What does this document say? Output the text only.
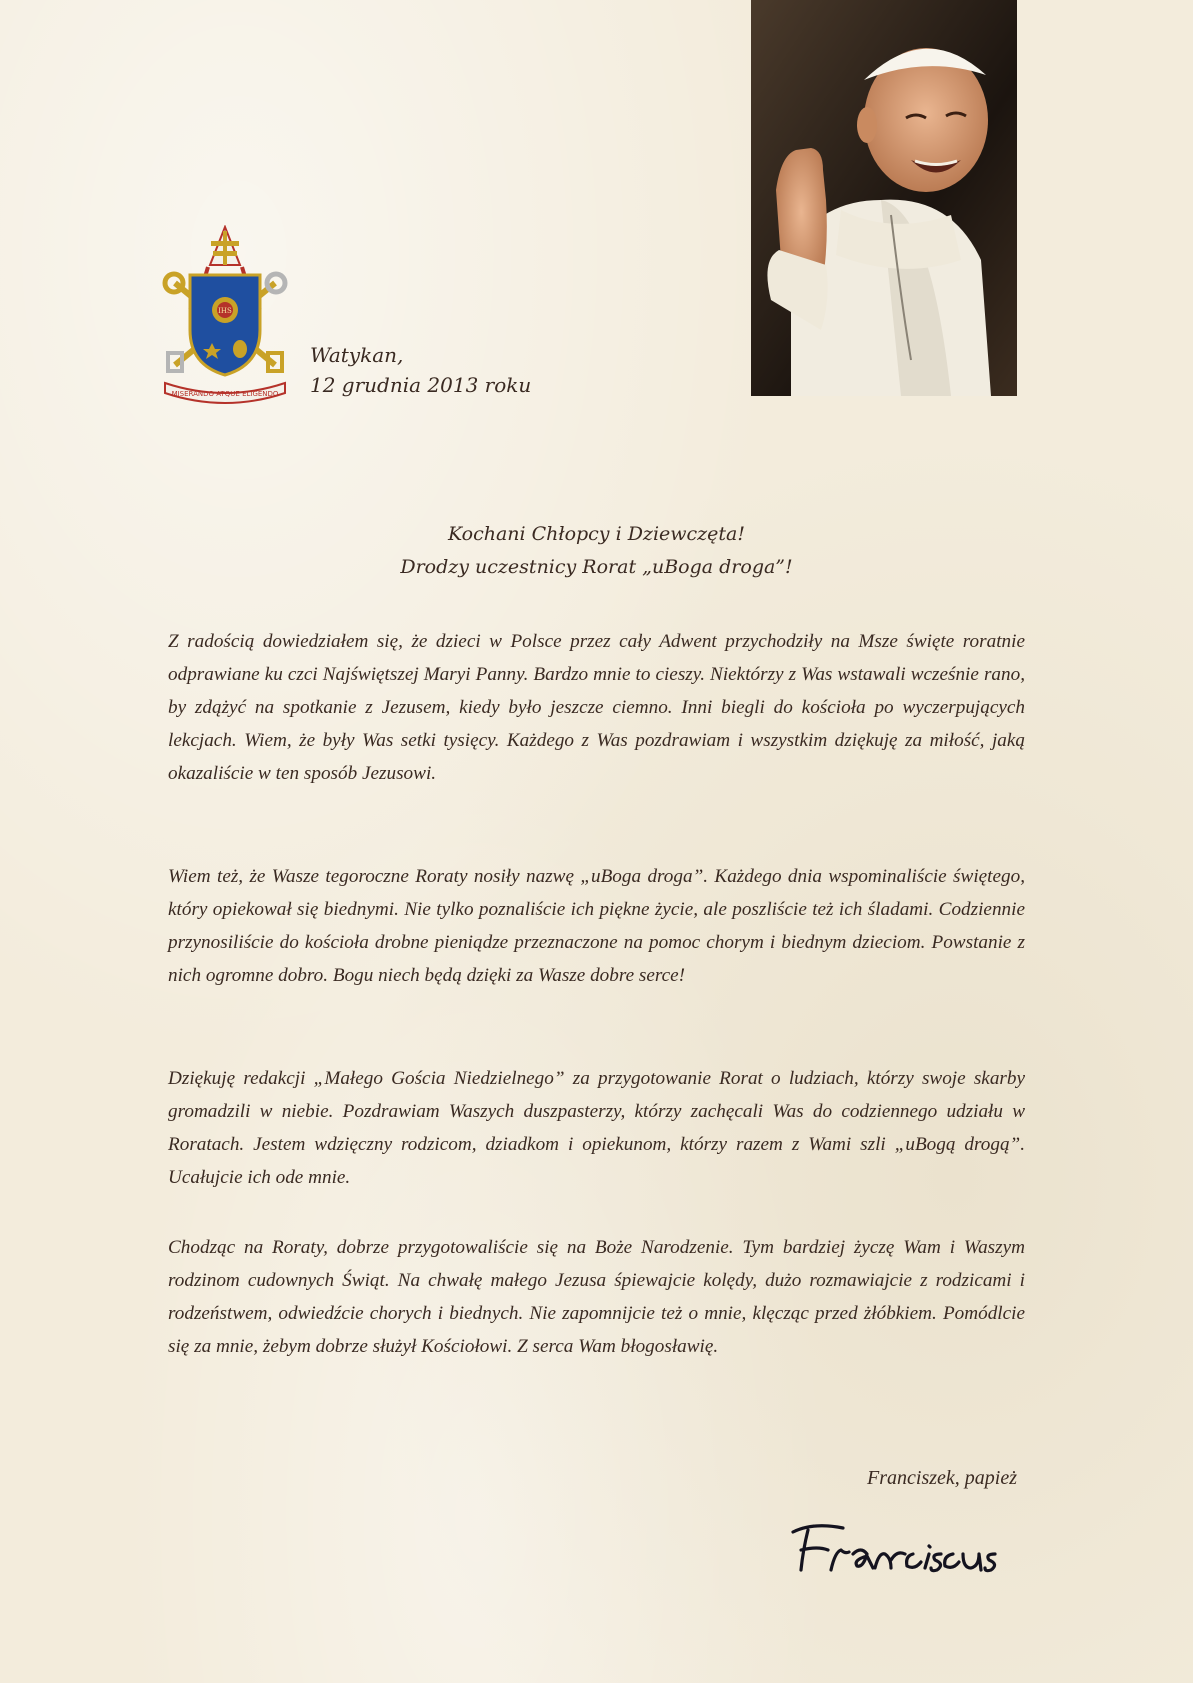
IHS
MISERANDO ATQUE ELIGENDO
Watykan,
12 grudnia 2013 roku
Kochani Chłopcy i Dziewczęta!
Drodzy uczestnicy Rorat „uBoga droga”!

Z radością dowiedziałem się, że dzieci w Polsce przez cały Adwent przychodziły na Msze święte roratnie odprawiane ku czci Najświętszej Maryi Panny. Bardzo mnie to cieszy. Niektórzy z Was wstawali wcześnie rano, by zdążyć na spotkanie z Jezusem, kiedy było jeszcze ciemno. Inni biegli do kościoła po wyczerpujących lekcjach. Wiem, że były Was setki tysięcy. Każdego z Was pozdrawiam i wszystkim dziękuję za miłość, jaką okazaliście w ten sposób Jezusowi.

Wiem też, że Wasze tegoroczne Roraty nosiły nazwę „uBoga droga”. Każdego dnia wspominaliście świętego, który opiekował się biednymi. Nie tylko poznaliście ich piękne życie, ale poszliście też ich śladami. Codziennie przynosiliście do kościoła drobne pieniądze przeznaczone na pomoc chorym i biednym dzieciom. Powstanie z nich ogromne dobro. Bogu niech będą dzięki za Wasze dobre serce!

Dziękuję redakcji „Małego Gościa Niedzielnego” za przygotowanie Rorat o ludziach, którzy swoje skarby gromadzili w niebie. Pozdrawiam Waszych duszpasterzy, którzy zachęcali Was do codziennego udziału w Roratach. Jestem wdzięczny rodzicom, dziadkom i opiekunom, którzy razem z Wami szli „uBogą drogą”. Ucałujcie ich ode mnie.

Chodząc na Roraty, dobrze przygotowaliście się na Boże Narodzenie. Tym bardziej życzę Wam i Waszym rodzinom cudownych Świąt. Na chwałę małego Jezusa śpiewajcie kolędy, dużo rozmawiajcie z rodzicami i rodzeństwem, odwiedźcie chorych i biednych. Nie zapomnijcie też o mnie, klęcząc przed żłóbkiem. Pomódlcie się za mnie, żebym dobrze służył Kościołowi. Z serca Wam błogosławię.

Franciszek, papież
